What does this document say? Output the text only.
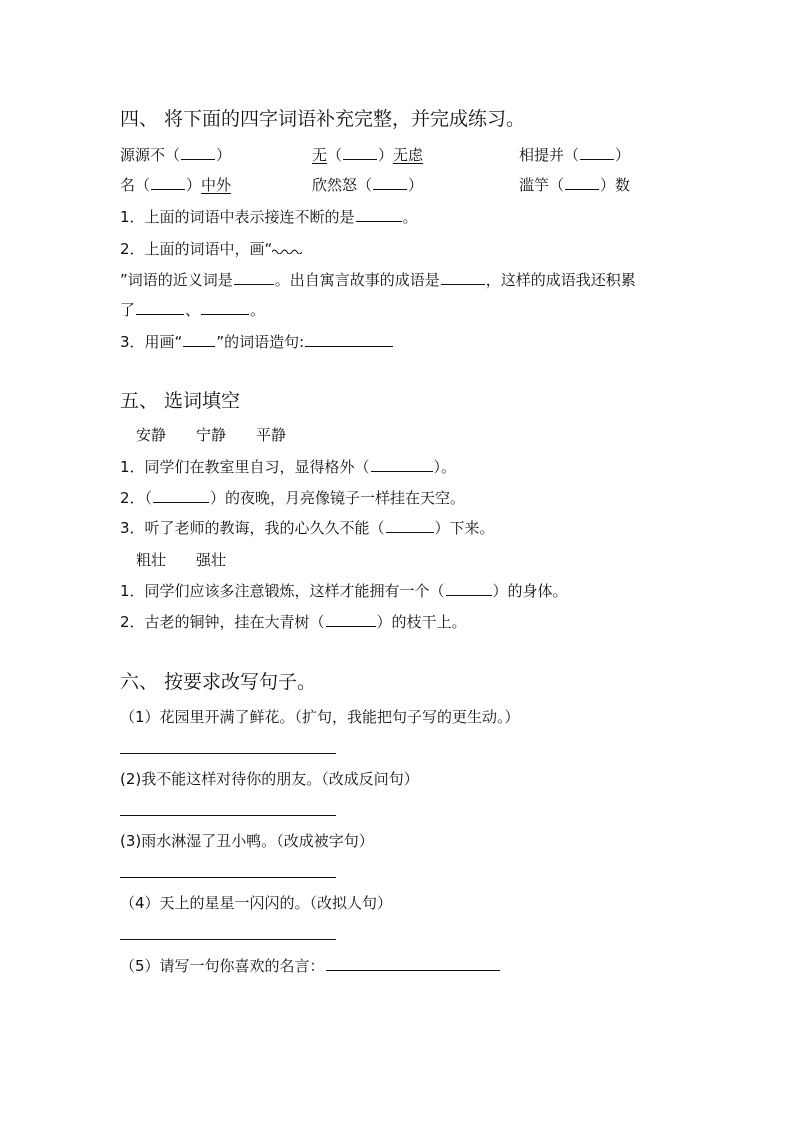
四、 将下面的四字词语补充完整，并完成练习。
源源不（ ）	无（ ）无虑	相提并（ ）
名（ ）中外	欣然怒（ ）	滥竽（ ）数
1．上面的词语中表示接连不断的是	。
2．上面的词语中，画“
”词语的近义词是	。出自寓言故事的成语是	，这样的成语我还积累
了	、	。
3．用画“ ”的词语造句:
五、 选词填空
安静　　宁静　　平静
1．同学们在教室里自习，显得格外（	）。
2．（	）的夜晚，月亮像镜子一样挂在天空。
3．听了老师的教诲，我的心久久不能（	）下来。
粗壮　　强壮
1．同学们应该多注意锻炼，这样才能拥有一个（	）的身体。
2．古老的铜钟，挂在大青树（	）的枝干上。
六、 按要求改写句子。
（1）花园里开满了鲜花。（扩句，我能把句子写的更生动。）
(2)我不能这样对待你的朋友。（改成反问句）
(3)雨水淋湿了丑小鸭。（改成被字句）
（4）天上的星星一闪闪的。（改拟人句）
（5）请写一句你喜欢的名言：
